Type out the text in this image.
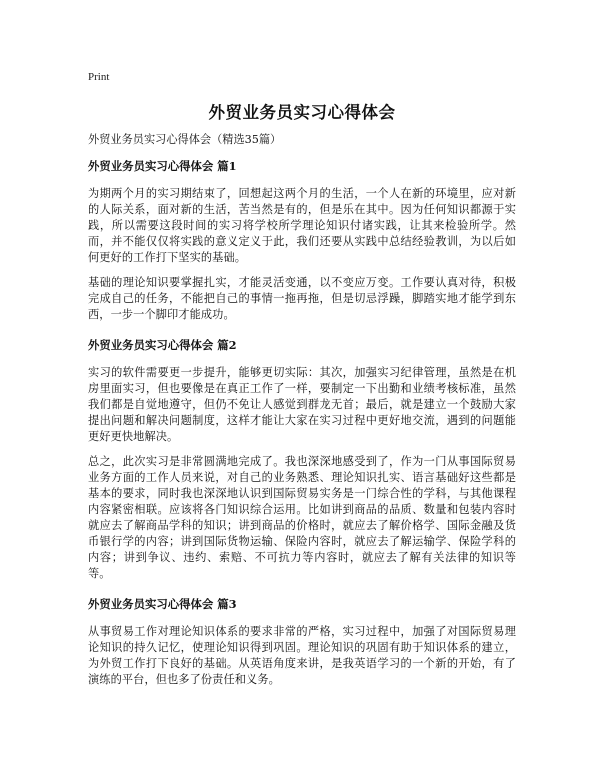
Print
外贸业务员实习心得体会
外贸业务员实习心得体会（精选35篇）
外贸业务员实习心得体会 篇1

为期两个月的实习期结束了，回想起这两个月的生活，一个人在新的环境里，应对新的人际关系，面对新的生活，苦当然是有的，但是乐在其中。因为任何知识都源于实践，所以需要这段时间的实习将学校所学理论知识付诸实践，让其来检验所学。然而，并不能仅仅将实践的意义定义于此，我们还要从实践中总结经验教训，为以后如何更好的工作打下坚实的基础。

基础的理论知识要掌握扎实，才能灵活变通，以不变应万变。工作要认真对待，积极完成自己的任务，不能把自己的事情一拖再拖，但是切忌浮躁，脚踏实地才能学到东西，一步一个脚印才能成功。

外贸业务员实习心得体会 篇2

实习的软件需要更一步提升，能够更切实际：其次，加强实习纪律管理，虽然是在机房里面实习，但也要像是在真正工作了一样，要制定一下出勤和业绩考核标准，虽然我们都是自觉地遵守，但仍不免让人感觉到群龙无首；最后，就是建立一个鼓励大家提出问题和解决问题制度，这样才能让大家在实习过程中更好地交流，遇到的问题能更好更快地解决。

总之，此次实习是非常圆满地完成了。我也深深地感受到了，作为一门从事国际贸易业务方面的工作人员来说，对自己的业务熟悉、理论知识扎实、语言基础好这些都是基本的要求，同时我也深深地认识到国际贸易实务是一门综合性的学科，与其他课程内容紧密相联。应该将各门知识综合运用。比如讲到商品的品质、数量和包装内容时就应去了解商品学科的知识；讲到商品的价格时，就应去了解价格学、国际金融及货币银行学的内容；讲到国际货物运输、保险内容时，就应去了解运输学、保险学科的内容；讲到争议、违约、索赔、不可抗力等内容时，就应去了解有关法律的知识等等。

外贸业务员实习心得体会 篇3

从事贸易工作对理论知识体系的要求非常的严格，实习过程中，加强了对国际贸易理论知识的持久记忆，使理论知识得到巩固。理论知识的巩固有助于知识体系的建立，为外贸工作打下良好的基础。从英语角度来讲，是我英语学习的一个新的开始，有了演练的平台，但也多了份责任和义务。
